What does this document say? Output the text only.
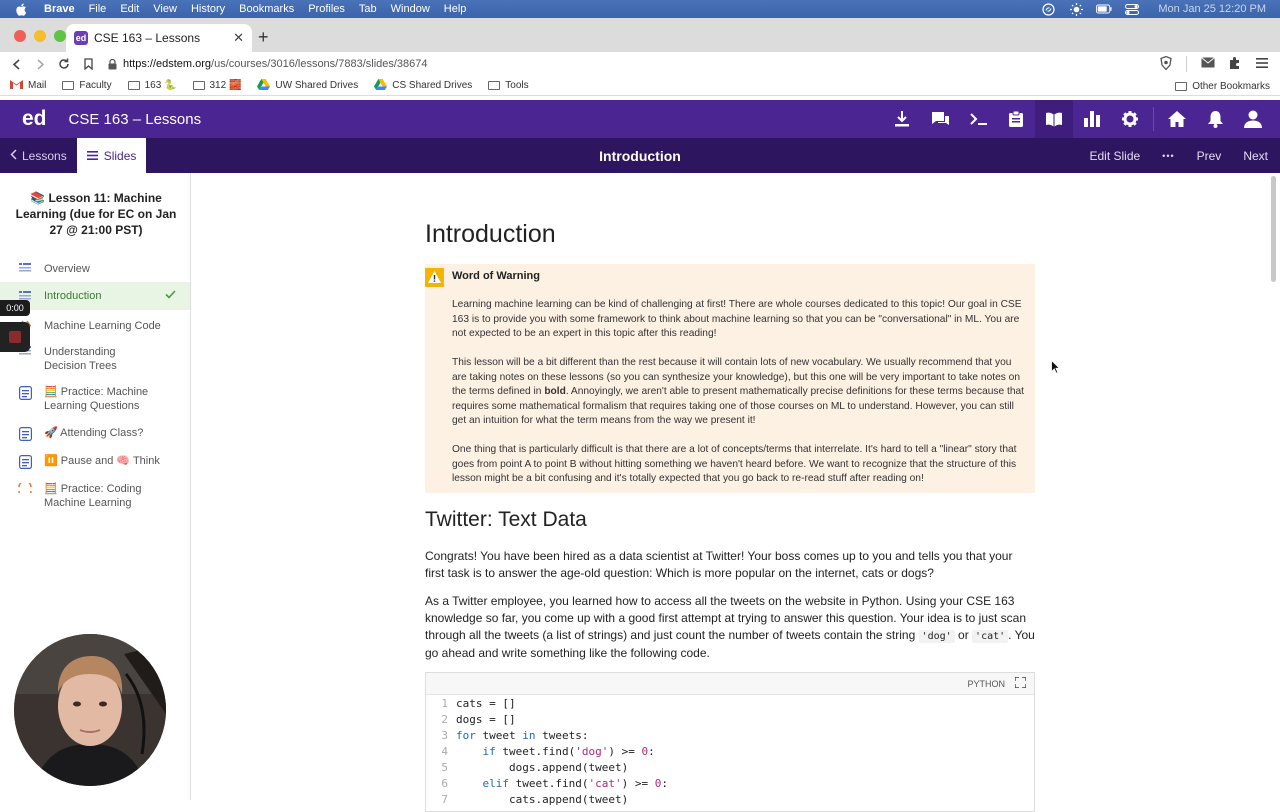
Brave File Edit View History Bookmarks Profiles Tab Window Help	Mon Jan 25 12:20 PM
ed CSE 163 – Lessons	✕ +
https://edstem.org /us/courses/3016/lessons/7883/slides/38674
Mail	Faculty	163 🐍	312 🧱	UW Shared Drives	CS Shared Drives	Tools	Other Bookmarks
ed CSE 163 – Lessons
Lessons	Slides	Introduction	Edit Slide ••• Prev Next
📚 Lesson 11: Machine Learning (due for EC on Jan 27 @ 21:00 PST)
Overview
Introduction
Machine Learning Code
Understanding Decision Trees
🧮 Practice: Machine Learning Questions
🚀 Attending Class?
⏸️ Pause and 🧠 Think
🧮 Practice: Coding Machine Learning
0:00
Introduction
Word of Warning

Learning machine learning can be kind of challenging at first! There are whole courses dedicated to this topic! Our goal in CSE 163 is to provide you with some framework to think about machine learning so that you can be "conversational" in ML. You are not expected to be an expert in this topic after this reading!

This lesson will be a bit different than the rest because it will contain lots of new vocabulary. We usually recommend that you are taking notes on these lessons (so you can synthesize your knowledge), but this one will be very important to take notes on the terms defined in bold. Annoyingly, we aren't able to present mathematically precise definitions for these terms because that requires some mathematical formalism that requires taking one of those courses on ML to understand. However, you can still get an intuition for what the term means from the way we present it!

One thing that is particularly difficult is that there are a lot of concepts/terms that interrelate. It's hard to tell a "linear" story that goes from point A to point B without hitting something we haven't heard before. We want to recognize that the structure of this lesson might be a bit confusing and it's totally expected that you go back to re-read stuff after reading on!

Twitter: Text Data
Congrats! You have been hired as a data scientist at Twitter! Your boss comes up to you and tells you that your first task is to answer the age-old question: Which is more popular on the internet, cats or dogs?
As a Twitter employee, you learned how to access all the tweets on the website in Python. Using your CSE 163 knowledge so far, you come up with a good first attempt at trying to answer this question. Your idea is to just scan through all the tweets (a list of strings) and just count the number of tweets contain the string 'dog' or 'cat' . You go ahead and write something like the following code.
PYTHON
1 cats = []
2 dogs = []
3 for tweet in tweets:
4	if tweet.find('dog') >= 0:
5 dogs.append(tweet)
6	elif tweet.find('cat') >= 0:
7 cats.append(tweet)
